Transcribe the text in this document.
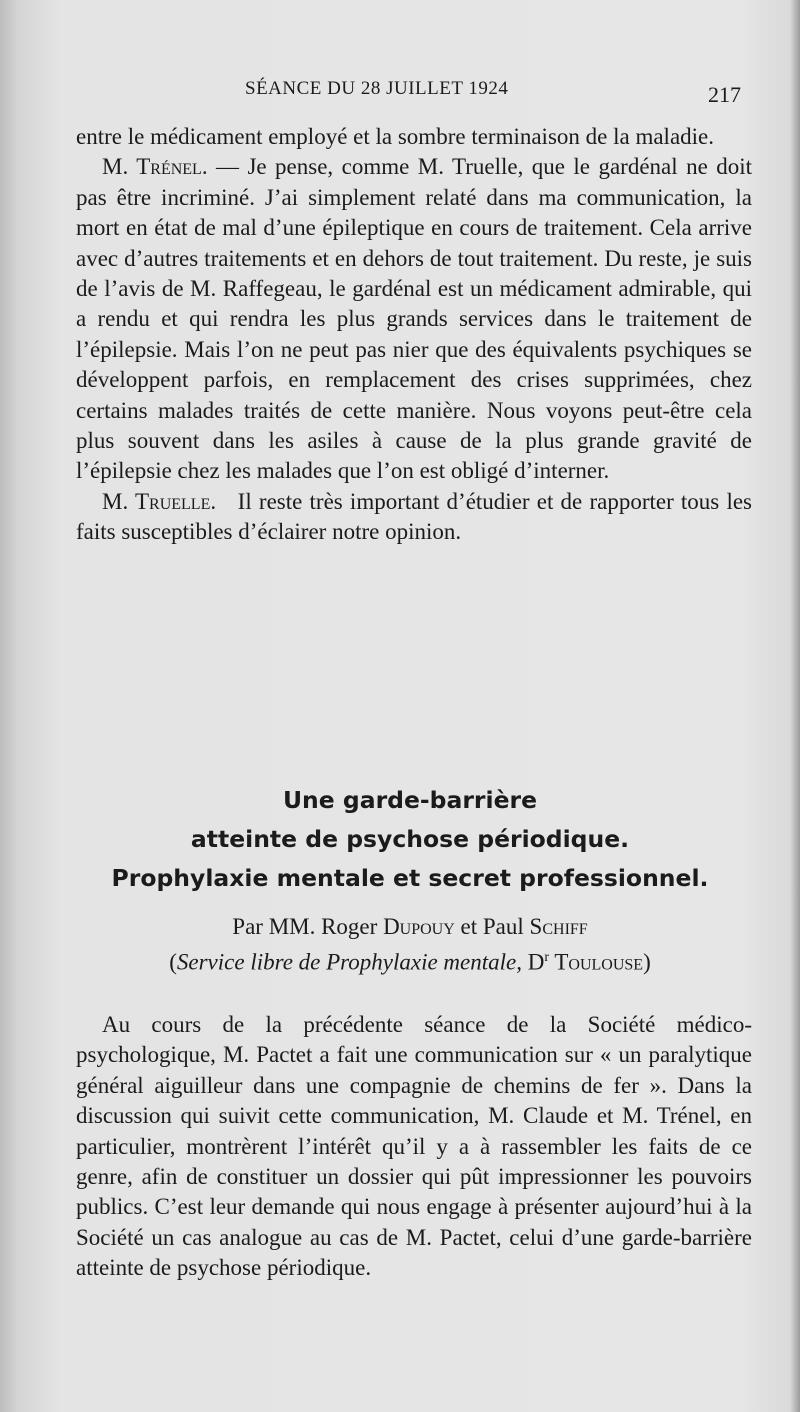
SÉANCE DU 28 JUILLET 1924	217

entre le médicament employé et la sombre terminaison de la maladie.

M. Trénel. — Je pense, comme M. Truelle, que le gardénal ne doit pas être incriminé. J’ai simplement relaté dans ma communication, la mort en état de mal d’une épileptique en cours de traitement. Cela arrive avec d’autres traitements et en dehors de tout traitement. Du reste, je suis de l’avis de M. Raffegeau, le gardénal est un médicament admirable, qui a rendu et qui rendra les plus grands services dans le traitement de l’épilepsie. Mais l’on ne peut pas nier que des équivalents psychiques se développent parfois, en remplacement des crises supprimées, chez certains malades traités de cette manière. Nous voyons peut-être cela plus souvent dans les asiles à cause de la plus grande gravité de l’épilepsie chez les malades que l’on est obligé d’interner.

M. Truelle.   Il reste très important d’étudier et de rapporter tous les faits susceptibles d’éclairer notre opinion.

Une garde-barrière
atteinte de psychose périodique.
Prophylaxie mentale et secret professionnel.
Par MM. Roger Dupouy et Paul Schiff
(Service libre de Prophylaxie mentale, $D^r$ Toulouse)

Au cours de la précédente séance de la Société médico-psychologique, M. Pactet a fait une communication sur « un paralytique général aiguilleur dans une compagnie de chemins de fer ». Dans la discussion qui suivit cette communication, M. Claude et M. Trénel, en particulier, montrèrent l’intérêt qu’il y a à rassembler les faits de ce genre, afin de constituer un dossier qui pût impressionner les pouvoirs publics. C’est leur demande qui nous engage à présenter aujourd’hui à la Société un cas analogue au cas de M. Pactet, celui d’une garde-barrière atteinte de psychose périodique.
